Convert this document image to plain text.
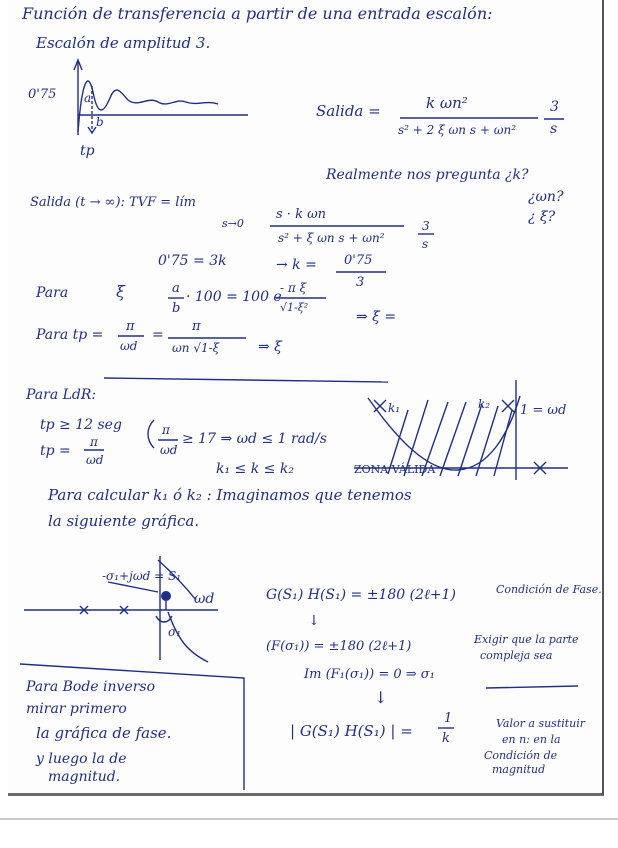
Función de transferencia a partir de una entrada escalón:
Escalón de amplitud 3.
0'75 a
b
tp
Salida =	k ωn²
s² + 2 ξ ωn s + ωn²
3
s
Realmente nos pregunta ¿k?
¿ωn?
¿ ξ?
Salida (t → ∞): TVF = lím
s→0
s · k ωn
s² + ξ ωn s + ωn²
3
s
0'75 = 3k	→ k = 0'75
3
Para	ξ	a
b
· 100 = 100 e
- π ξ
√1-ξ²
⇒ ξ =
Para tp =
π
ωd
=
π
ωn √1-ξ	⇒ ξ
Para LdR:
tp ≥ 12 seg
tp =
π
ωd
π
ωd
≥ 17 ⇒ ωd ≤ 1 rad/s
k₁ ≤ k ≤ k₂
k₁	k₂ 1 = ωd
ZONA VÁLIDA
Para calcular k₁ ó k₂ : Imaginamos que tenemos
la siguiente gráfica.
-σ₁+jωd = S₁
ωd
σ₁
Para Bode inverso
mirar primero
la gráfica de fase.
y luego la de
magnitud.
G(S₁) H(S₁) = ±180 (2ℓ+1)	Condición de Fase.
↓
(F(σ₁)) = ±180 (2ℓ+1)	Exigir que la parte
compleja sea
Im (F₁(σ₁)) = 0 ⇒ σ₁
↓
| G(S₁) H(S₁) | =
1
k
Valor a sustituir
en n: en la
Condición de
magnitud
